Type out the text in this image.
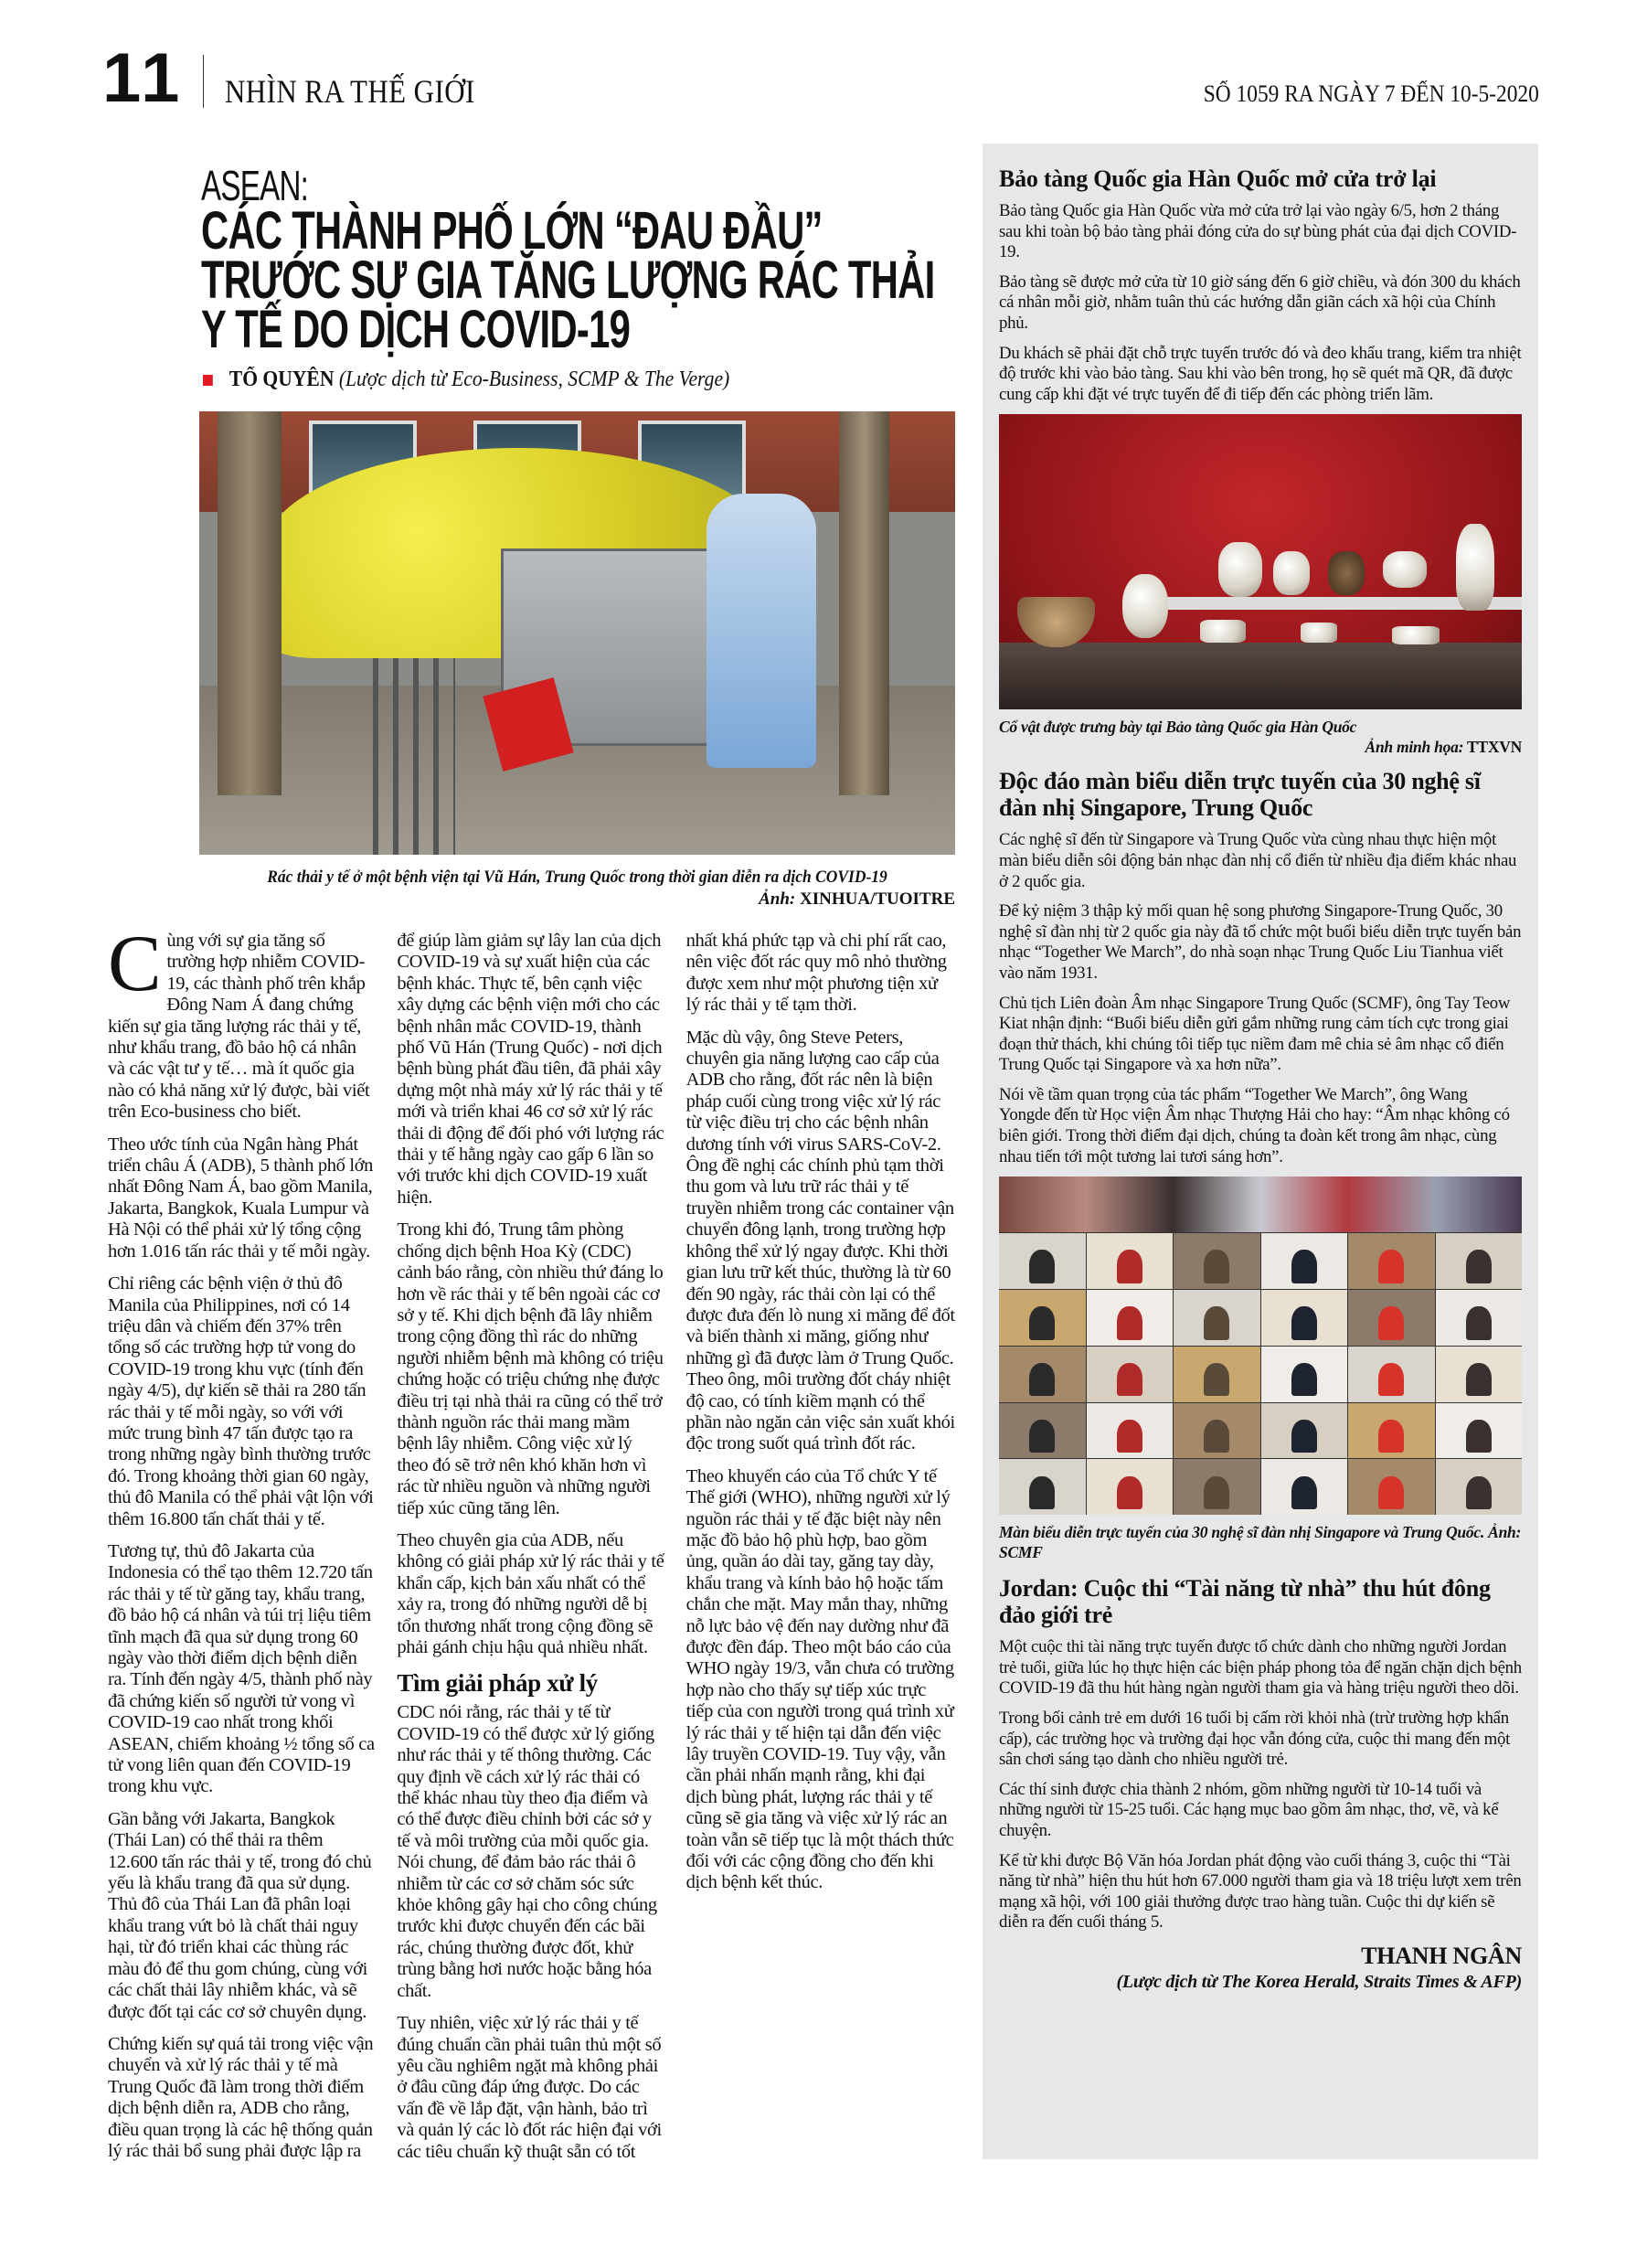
11 NHÌN RA THẾ GIỚI	SỐ 1059 RA NGÀY 7 ĐẾN 10-5-2020
ASEAN:
CÁC THÀNH PHỐ LỚN “ĐAU ĐẦU”
TRƯỚC SỰ GIA TĂNG LƯỢNG RÁC THẢI
Y TẾ DO DỊCH COVID-19
TỐ QUYÊN (Lược dịch từ Eco-Business, SCMP & The Verge)
Rác thải y tế ở một bệnh viện tại Vũ Hán, Trung Quốc trong thời gian diễn ra dịch COVID-19
Ảnh: XINHUA/TUOITRE

Cùng với sự gia tăng số trường hợp nhiễm COVID-19, các thành phố trên khắp Đông Nam Á đang chứng kiến sự gia tăng lượng rác thải y tế, như khẩu trang, đồ bảo hộ cá nhân và các vật tư y tế… mà ít quốc gia nào có khả năng xử lý được, bài viết trên Eco-business cho biết.

Theo ước tính của Ngân hàng Phát triển châu Á (ADB), 5 thành phố lớn nhất Đông Nam Á, bao gồm Manila, Jakarta, Bangkok, Kuala Lumpur và Hà Nội có thể phải xử lý tổng cộng hơn 1.016 tấn rác thải y tế mỗi ngày.

Chỉ riêng các bệnh viện ở thủ đô Manila của Philippines, nơi có 14 triệu dân và chiếm đến 37% trên tổng số các trường hợp tử vong do COVID-19 trong khu vực (tính đến ngày 4/5), dự kiến sẽ thải ra 280 tấn rác thải y tế mỗi ngày, so với với mức trung bình 47 tấn được tạo ra trong những ngày bình thường trước đó. Trong khoảng thời gian 60 ngày, thủ đô Manila có thể phải vật lộn với thêm 16.800 tấn chất thải y tế.

Tương tự, thủ đô Jakarta của Indonesia có thể tạo thêm 12.720 tấn rác thải y tế từ găng tay, khẩu trang, đồ bảo hộ cá nhân và túi trị liệu tiêm tĩnh mạch đã qua sử dụng trong 60 ngày vào thời điểm dịch bệnh diễn ra. Tính đến ngày 4/5, thành phố này đã chứng kiến số người tử vong vì COVID-19 cao nhất trong khối ASEAN, chiếm khoảng ½ tổng số ca tử vong liên quan đến COVID-19 trong khu vực.

Gần bằng với Jakarta, Bangkok (Thái Lan) có thể thải ra thêm 12.600 tấn rác thải y tế, trong đó chủ yếu là khẩu trang đã qua sử dụng. Thủ đô của Thái Lan đã phân loại khẩu trang vứt bỏ là chất thải nguy hại, từ đó triển khai các thùng rác màu đỏ để thu gom chúng, cùng với các chất thải lây nhiễm khác, và sẽ được đốt tại các cơ sở chuyên dụng.

Chứng kiến sự quá tải trong việc vận chuyển và xử lý rác thải y tế mà Trung Quốc đã làm trong thời điểm dịch bệnh diễn ra, ADB cho rằng, điều quan trọng là các hệ thống quản lý rác thải bổ sung phải được lập ra để giúp làm giảm sự lây lan của dịch COVID-19 và sự xuất hiện của các bệnh khác. Thực tế, bên cạnh việc xây dựng các bệnh viện mới cho các bệnh nhân mắc COVID-19, thành phố Vũ Hán (Trung Quốc) - nơi dịch bệnh bùng phát đầu tiên, đã phải xây dựng một nhà máy xử lý rác thải y tế mới và triển khai 46 cơ sở xử lý rác thải di động để đối phó với lượng rác thải y tế hằng ngày cao gấp 6 lần so với trước khi dịch COVID-19 xuất hiện.

Trong khi đó, Trung tâm phòng chống dịch bệnh Hoa Kỳ (CDC) cảnh báo rằng, còn nhiều thứ đáng lo hơn về rác thải y tế bên ngoài các cơ sở y tế. Khi dịch bệnh đã lây nhiễm trong cộng đồng thì rác do những người nhiễm bệnh mà không có triệu chứng hoặc có triệu chứng nhẹ được điều trị tại nhà thải ra cũng có thể trở thành nguồn rác thải mang mầm bệnh lây nhiễm. Công việc xử lý theo đó sẽ trở nên khó khăn hơn vì rác từ nhiều nguồn và những người tiếp xúc cũng tăng lên.

Theo chuyên gia của ADB, nếu không có giải pháp xử lý rác thải y tế khẩn cấp, kịch bản xấu nhất có thể xảy ra, trong đó những người dễ bị tổn thương nhất trong cộng đồng sẽ phải gánh chịu hậu quả nhiều nhất.

Tìm giải pháp xử lý

CDC nói rằng, rác thải y tế từ COVID-19 có thể được xử lý giống như rác thải y tế thông thường. Các quy định về cách xử lý rác thải có thể khác nhau tùy theo địa điểm và có thể được điều chỉnh bởi các sở y tế và môi trường của mỗi quốc gia. Nói chung, để đảm bảo rác thải ô nhiễm từ các cơ sở chăm sóc sức khỏe không gây hại cho công chúng trước khi được chuyển đến các bãi rác, chúng thường được đốt, khử trùng bằng hơi nước hoặc bằng hóa chất.

Tuy nhiên, việc xử lý rác thải y tế đúng chuẩn cần phải tuân thủ một số yêu cầu nghiêm ngặt mà không phải ở đâu cũng đáp ứng được. Do các vấn đề về lắp đặt, vận hành, bảo trì và quản lý các lò đốt rác hiện đại với các tiêu chuẩn kỹ thuật sẵn có tốt nhất khá phức tạp và chi phí rất cao, nên việc đốt rác quy mô nhỏ thường được xem như một phương tiện xử lý rác thải y tế tạm thời.

Mặc dù vậy, ông Steve Peters, chuyên gia năng lượng cao cấp của ADB cho rằng, đốt rác nên là biện pháp cuối cùng trong việc xử lý rác từ việc điều trị cho các bệnh nhân dương tính với virus SARS-CoV-2. Ông đề nghị các chính phủ tạm thời thu gom và lưu trữ rác thải y tế truyền nhiễm trong các container vận chuyển đông lạnh, trong trường hợp không thể xử lý ngay được. Khi thời gian lưu trữ kết thúc, thường là từ 60 đến 90 ngày, rác thải còn lại có thể được đưa đến lò nung xi măng để đốt và biến thành xi măng, giống như những gì đã được làm ở Trung Quốc. Theo ông, môi trường đốt cháy nhiệt độ cao, có tính kiềm mạnh có thể phần nào ngăn cản việc sản xuất khói độc trong suốt quá trình đốt rác.

Theo khuyến cáo của Tổ chức Y tế Thế giới (WHO), những người xử lý nguồn rác thải y tế đặc biệt này nên mặc đồ bảo hộ phù hợp, bao gồm ủng, quần áo dài tay, găng tay dày, khẩu trang và kính bảo hộ hoặc tấm chắn che mặt. May mắn thay, những nỗ lực bảo vệ đến nay dường như đã được đền đáp. Theo một báo cáo của WHO ngày 19/3, vẫn chưa có trường hợp nào cho thấy sự tiếp xúc trực tiếp của con người trong quá trình xử lý rác thải y tế hiện tại dẫn đến việc lây truyền COVID-19. Tuy vậy, vẫn cần phải nhấn mạnh rằng, khi đại dịch bùng phát, lượng rác thải y tế cũng sẽ gia tăng và việc xử lý rác an toàn vẫn sẽ tiếp tục là một thách thức đối với các cộng đồng cho đến khi dịch bệnh kết thúc.

Bảo tàng Quốc gia Hàn Quốc mở cửa trở lại

Bảo tàng Quốc gia Hàn Quốc vừa mở cửa trở lại vào ngày 6/5, hơn 2 tháng sau khi toàn bộ bảo tàng phải đóng cửa do sự bùng phát của đại dịch COVID-19.

Bảo tàng sẽ được mở cửa từ 10 giờ sáng đến 6 giờ chiều, và đón 300 du khách cá nhân mỗi giờ, nhằm tuân thủ các hướng dẫn giãn cách xã hội của Chính phủ.

Du khách sẽ phải đặt chỗ trực tuyến trước đó và đeo khẩu trang, kiểm tra nhiệt độ trước khi vào bảo tàng. Sau khi vào bên trong, họ sẽ quét mã QR, đã được cung cấp khi đặt vé trực tuyến để đi tiếp đến các phòng triển lãm.

Cổ vật được trưng bày tại Bảo tàng Quốc gia Hàn Quốc
Ảnh minh họa: TTXVN
Độc đáo màn biểu diễn trực tuyến của 30 nghệ sĩ đàn nhị Singapore, Trung Quốc

Các nghệ sĩ đến từ Singapore và Trung Quốc vừa cùng nhau thực hiện một màn biểu diễn sôi động bản nhạc đàn nhị cổ điển từ nhiều địa điểm khác nhau ở 2 quốc gia.

Để kỷ niệm 3 thập kỷ mối quan hệ song phương Singapore-Trung Quốc, 30 nghệ sĩ đàn nhị từ 2 quốc gia này đã tổ chức một buổi biểu diễn trực tuyến bản nhạc “Together We March”, do nhà soạn nhạc Trung Quốc Liu Tianhua viết vào năm 1931.

Chủ tịch Liên đoàn Âm nhạc Singapore Trung Quốc (SCMF), ông Tay Teow Kiat nhận định: “Buổi biểu diễn gửi gắm những rung cảm tích cực trong giai đoạn thử thách, khi chúng tôi tiếp tục niềm đam mê chia sẻ âm nhạc cổ điển Trung Quốc tại Singapore và xa hơn nữa”.

Nói về tầm quan trọng của tác phẩm “Together We March”, ông Wang Yongde đến từ Học viện Âm nhạc Thượng Hải cho hay: “Âm nhạc không có biên giới. Trong thời điểm đại dịch, chúng ta đoàn kết trong âm nhạc, cùng nhau tiến tới một tương lai tươi sáng hơn”.

Màn biểu diễn trực tuyến của 30 nghệ sĩ đàn nhị Singapore và Trung Quốc. Ảnh: SCMF
Jordan: Cuộc thi “Tài năng từ nhà” thu hút đông đảo giới trẻ

Một cuộc thi tài năng trực tuyến được tổ chức dành cho những người Jordan trẻ tuổi, giữa lúc họ thực hiện các biện pháp phong tỏa để ngăn chặn dịch bệnh COVID-19 đã thu hút hàng ngàn người tham gia và hàng triệu người theo dõi.

Trong bối cảnh trẻ em dưới 16 tuổi bị cấm rời khỏi nhà (trừ trường hợp khẩn cấp), các trường học và trường đại học vẫn đóng cửa, cuộc thi mang đến một sân chơi sáng tạo dành cho nhiều người trẻ.

Các thí sinh được chia thành 2 nhóm, gồm những người từ 10-14 tuổi và những người từ 15-25 tuổi. Các hạng mục bao gồm âm nhạc, thơ, vẽ, và kể chuyện.

Kể từ khi được Bộ Văn hóa Jordan phát động vào cuối tháng 3, cuộc thi “Tài năng từ nhà” hiện thu hút hơn 67.000 người tham gia và 18 triệu lượt xem trên mạng xã hội, với 100 giải thưởng được trao hàng tuần. Cuộc thi dự kiến sẽ diễn ra đến cuối tháng 5.

THANH NGÂN
(Lược dịch từ The Korea Herald, Straits Times & AFP)
